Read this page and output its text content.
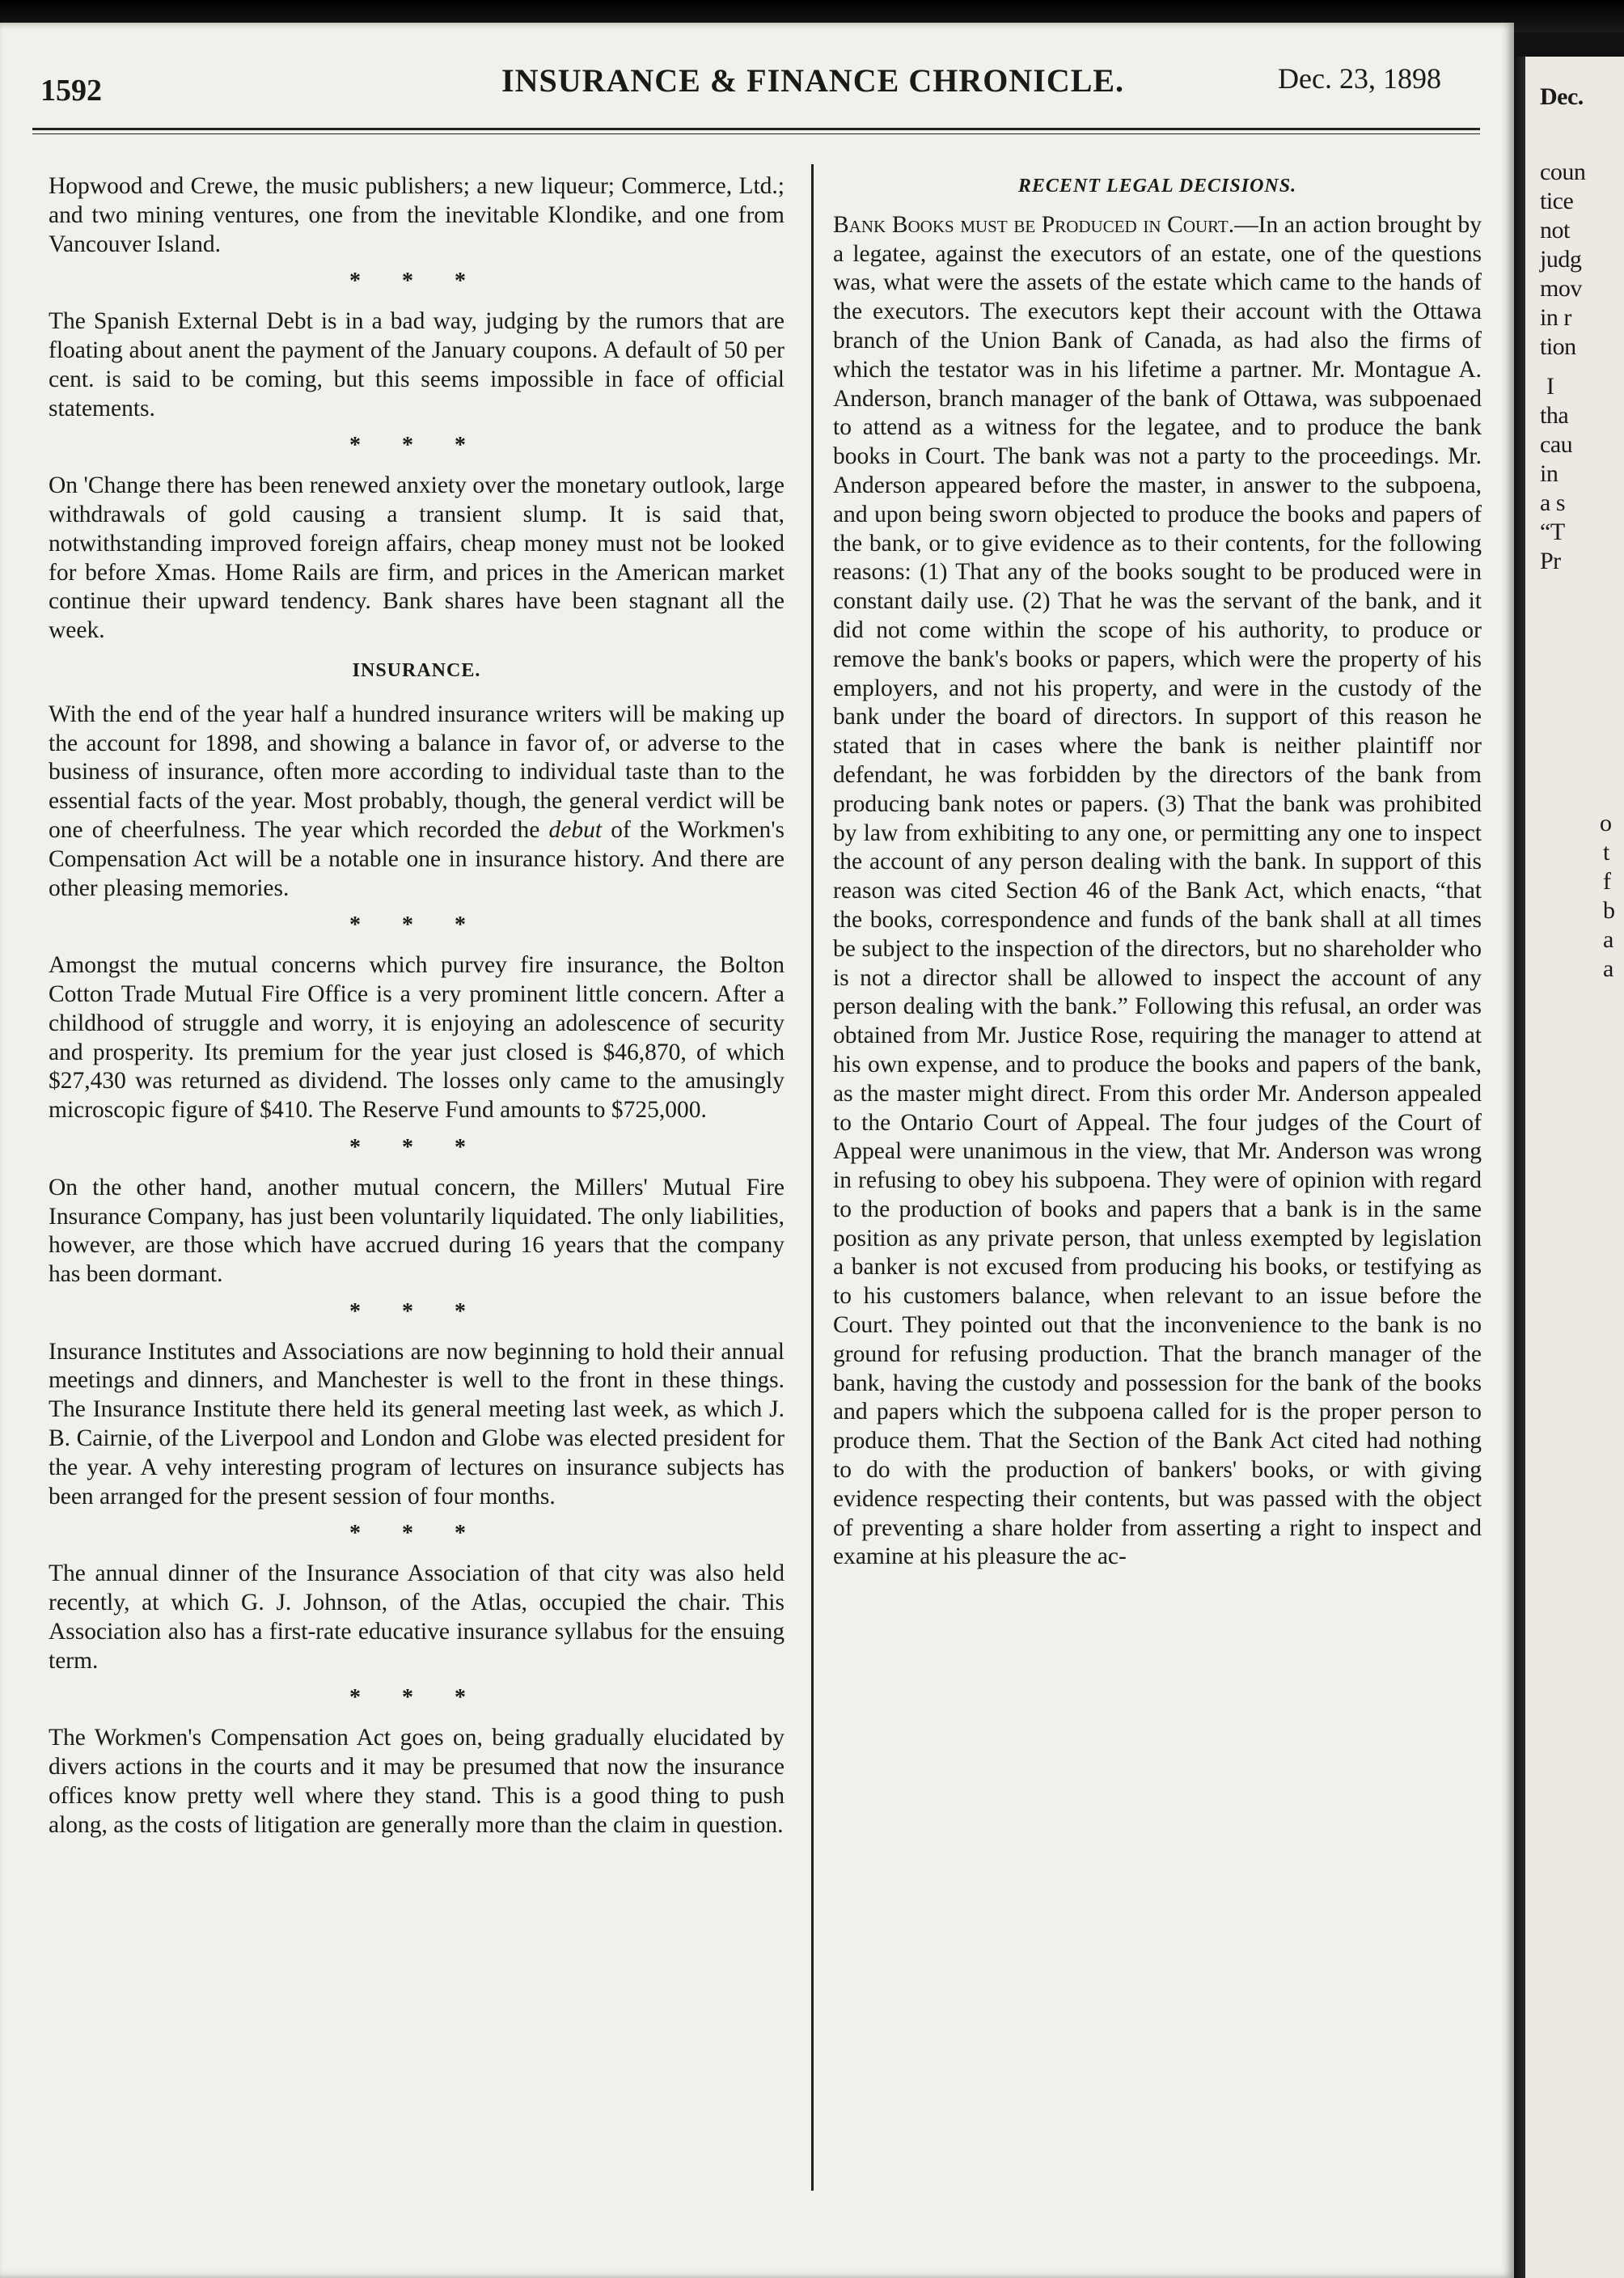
1592	INSURANCE & FINANCE CHRONICLE.	Dec. 23, 1898

Hopwood and Crewe, the music publishers; a new liqueur; Commerce, Ltd.; and two mining ventures, one from the inevitable Klondike, and one from Vancouver Island.

* * *

The Spanish External Debt is in a bad way, judging by the rumors that are floating about anent the payment of the January coupons. A default of 50 per cent. is said to be coming, but this seems impossible in face of official statements.

* * *

On 'Change there has been renewed anxiety over the monetary outlook, large withdrawals of gold causing a transient slump. It is said that, notwithstanding improved foreign affairs, cheap money must not be looked for before Xmas. Home Rails are firm, and prices in the American market continue their upward tendency. Bank shares have been stagnant all the week.

INSURANCE.

With the end of the year half a hundred insurance writers will be making up the account for 1898, and showing a balance in favor of, or adverse to the business of insurance, often more according to individual taste than to the essential facts of the year. Most probably, though, the general verdict will be one of cheerfulness. The year which recorded the debut of the Workmen's Compensation Act will be a notable one in insurance history. And there are other pleasing memories.

* * *

Amongst the mutual concerns which purvey fire insurance, the Bolton Cotton Trade Mutual Fire Office is a very prominent little concern. After a childhood of struggle and worry, it is enjoying an adolescence of security and prosperity. Its premium for the year just closed is $46,870, of which $27,430 was returned as dividend. The losses only came to the amusingly microscopic figure of $410. The Reserve Fund amounts to $725,000.

* * *

On the other hand, another mutual concern, the Millers' Mutual Fire Insurance Company, has just been voluntarily liquidated. The only liabilities, however, are those which have accrued during 16 years that the company has been dormant.

* * *

Insurance Institutes and Associations are now beginning to hold their annual meetings and dinners, and Manchester is well to the front in these things. The Insurance Institute there held its general meeting last week, as which J. B. Cairnie, of the Liverpool and London and Globe was elected president for the year. A vehy interesting program of lectures on insurance subjects has been arranged for the present session of four months.

* * *

The annual dinner of the Insurance Association of that city was also held recently, at which G. J. Johnson, of the Atlas, occupied the chair. This Association also has a first-rate educative insurance syllabus for the ensuing term.

* * *

The Workmen's Compensation Act goes on, being gradually elucidated by divers actions in the courts and it may be presumed that now the insurance offices know pretty well where they stand. This is a good thing to push along, as the costs of litigation are generally more than the claim in question.

RECENT LEGAL DECISIONS.

Bank Books must be Produced in Court.—In an action brought by a legatee, against the executors of an estate, one of the questions was, what were the assets of the estate which came to the hands of the executors. The executors kept their account with the Ottawa branch of the Union Bank of Canada, as had also the firms of which the testator was in his lifetime a partner. Mr. Montague A. Anderson, branch manager of the bank of Ottawa, was subpoenaed to attend as a witness for the legatee, and to produce the bank books in Court. The bank was not a party to the proceedings. Mr. Anderson appeared before the master, in answer to the subpoena, and upon being sworn objected to produce the books and papers of the bank, or to give evidence as to their contents, for the following reasons: (1) That any of the books sought to be produced were in constant daily use. (2) That he was the servant of the bank, and it did not come within the scope of his authority, to produce or remove the bank's books or papers, which were the property of his employers, and not his property, and were in the custody of the bank under the board of directors. In support of this reason he stated that in cases where the bank is neither plaintiff nor defendant, he was forbidden by the directors of the bank from producing bank notes or papers. (3) That the bank was prohibited by law from exhibiting to any one, or permitting any one to inspect the account of any person dealing with the bank. In support of this reason was cited Section 46 of the Bank Act, which enacts, “that the books, correspondence and funds of the bank shall at all times be subject to the inspection of the directors, but no shareholder who is not a director shall be allowed to inspect the account of any person dealing with the bank.” Following this refusal, an order was obtained from Mr. Justice Rose, requiring the manager to attend at his own expense, and to produce the books and papers of the bank, as the master might direct. From this order Mr. Anderson appealed to the Ontario Court of Appeal. The four judges of the Court of Appeal were unanimous in the view, that Mr. Anderson was wrong in refusing to obey his subpoena. They were of opinion with regard to the production of books and papers that a bank is in the same position as any private person, that unless exempted by legislation a banker is not excused from producing his books, or testifying as to his customers balance, when relevant to an issue before the Court. They pointed out that the inconvenience to the bank is no ground for refusing production. That the branch manager of the bank, having the custody and possession for the bank of the books and papers which the subpoena called for is the proper person to produce them. That the Section of the Bank Act cited had nothing to do with the production of bankers' books, or with giving evidence respecting their contents, but was passed with the object of preventing a share holder from asserting a right to inspect and examine at his pleasure the ac-

Dec.
coun
tice
not
judg
mov
in r
tion
I
tha
cau
in
a s
“T
Pr
o
t
f
b
a
a
